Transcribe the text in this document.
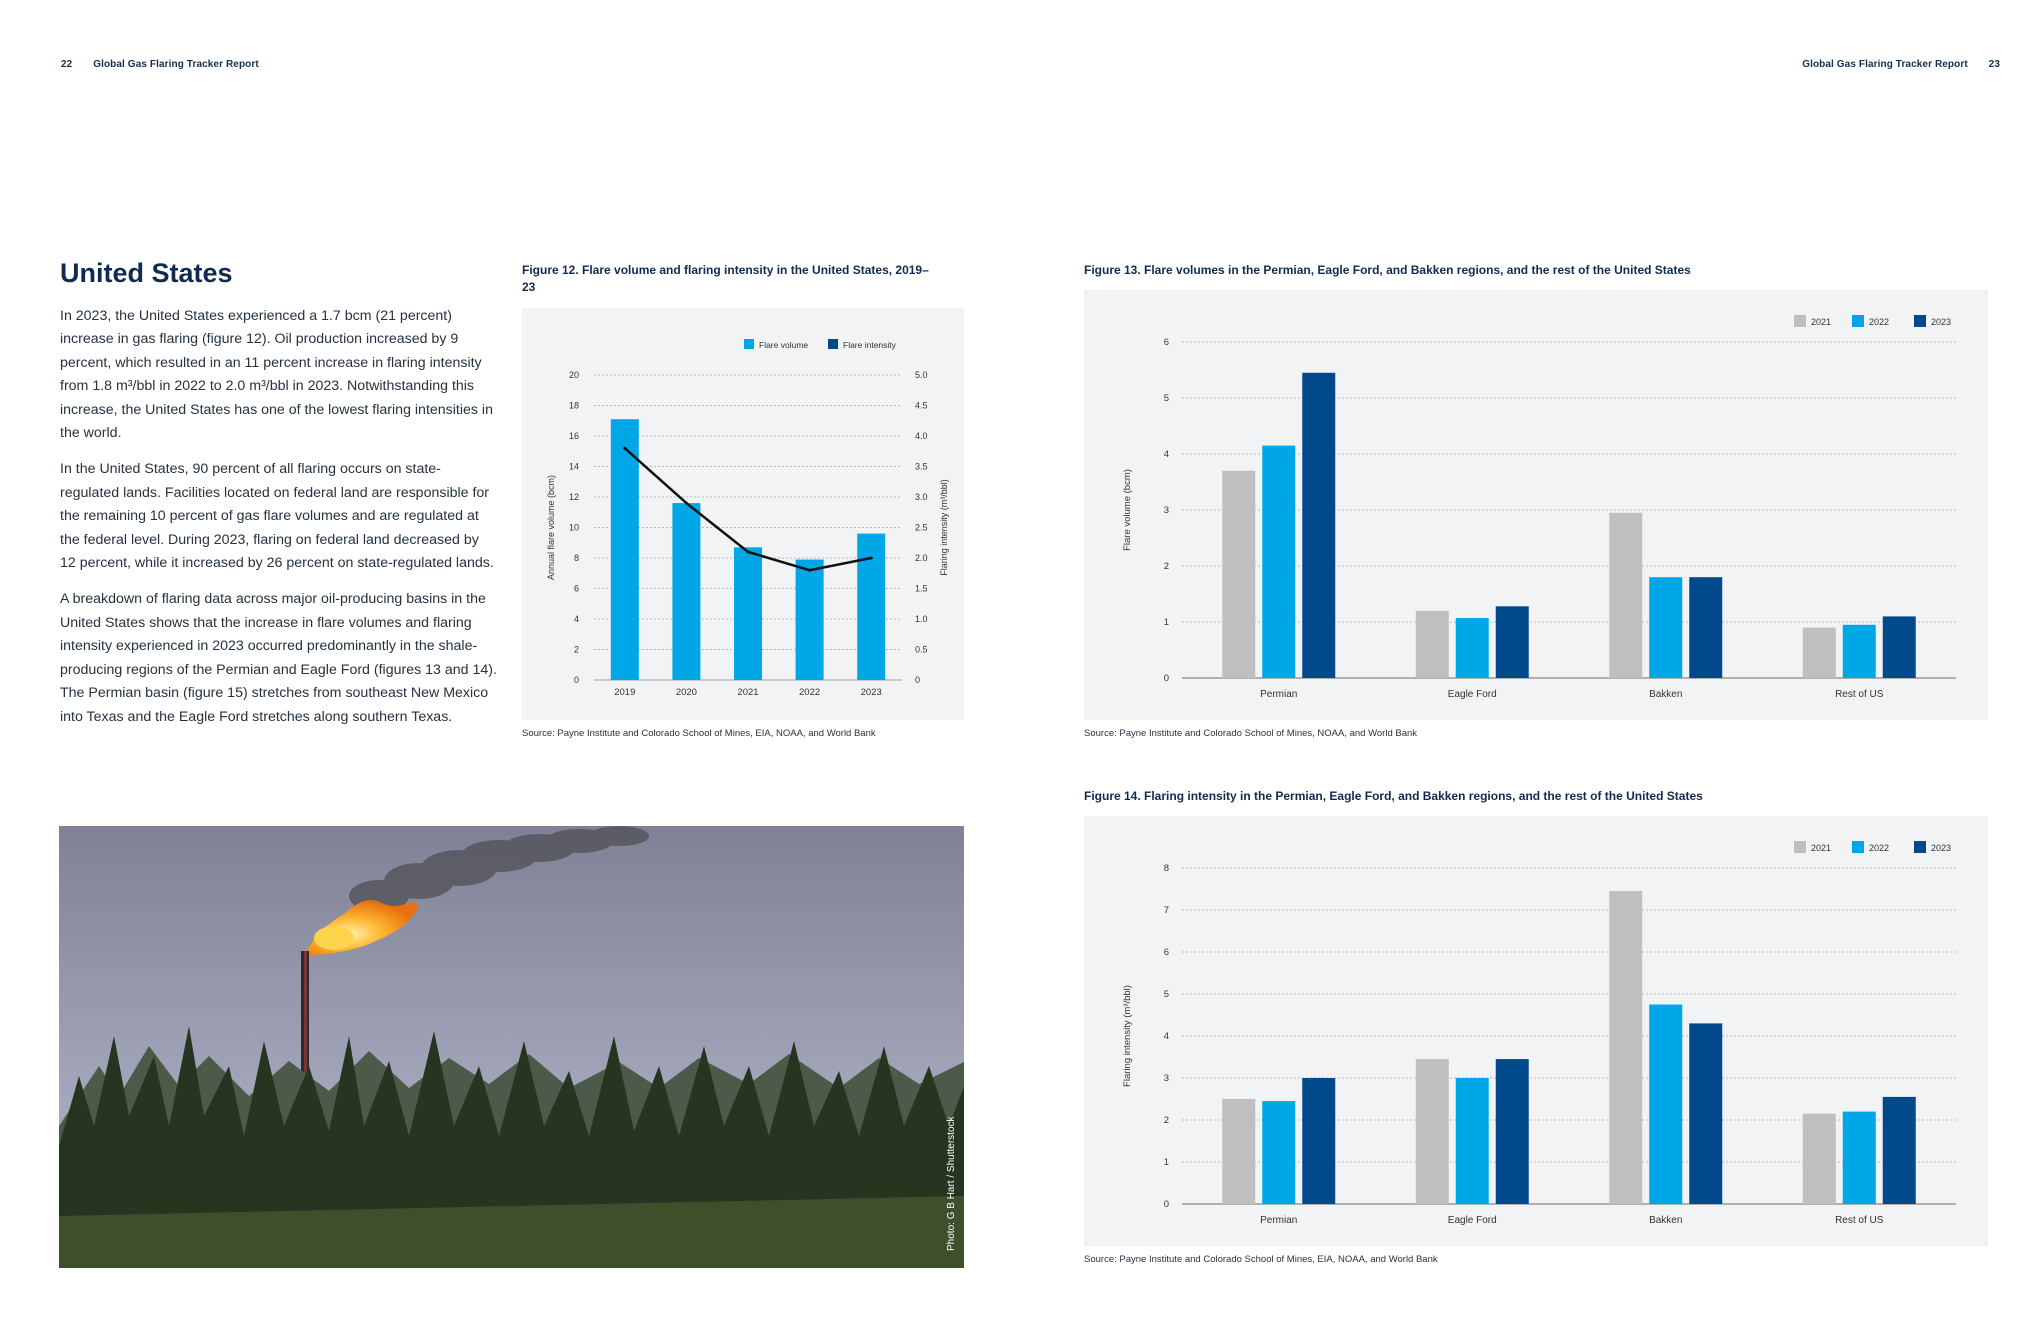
22 Global Gas Flaring Tracker Report	Global Gas Flaring Tracker Report 23
United States

In 2023, the United States experienced a 1.7 bcm (21 percent) increase in gas flaring (figure 12). Oil production increased by 9 percent, which resulted in an 11 percent increase in flaring intensity from 1.8 m³/bbl in 2022 to 2.0 m³/bbl in 2023. Notwithstanding this increase, the United States has one of the lowest flaring intensities in the world.

In the United States, 90 percent of all flaring occurs on state-regulated lands. Facilities located on federal land are responsible for the remaining 10 percent of gas flare volumes and are regulated at the federal level. During 2023, flaring on federal land decreased by 12 percent, while it increased by 26 percent on state-regulated lands.

A breakdown of flaring data across major oil-producing basins in the United States shows that the increase in flare volumes and flaring intensity experienced in 2023 occurred predominantly in the shale-producing regions of the Permian and Eagle Ford (figures 13 and 14). The Permian basin (figure 15) stretches from southeast New Mexico into Texas and the Eagle Ford stretches along southern Texas.

Figure 12. Flare volume and flaring intensity in the United States, 2019–23

0
2
4
6
8
10
12
14
16
18
20
0
0.5
1.0
1.5
2.0
2.5
3.0
3.5
4.0
4.5
5.0
2019	2020	2021	2022	2023
Annual flare volume (bcm)	Flaring intensity (m³/bbl)
Flare volume	Flare intensity
Source: Payne Institute and Colorado School of Mines, EIA, NOAA, and World Bank

Figure 13. Flare volumes in the Permian, Eagle Ford, and Bakken regions, and the rest of the United States

0
1
2
3
4
5
6
Permian	Eagle Ford	Bakken	Rest of US
Flare volume (bcm)
2021	2022	2023
Source: Payne Institute and Colorado School of Mines, NOAA, and World Bank

Figure 14. Flaring intensity in the Permian, Eagle Ford, and Bakken regions, and the rest of the United States

0
1
2
3
4
5
6
7
8
Permian	Eagle Ford	Bakken	Rest of US
Flaring intensity (m³/bbl)
2021	2022	2023
Source: Payne Institute and Colorado School of Mines, EIA, NOAA, and World Bank
Photo: G B Hart / Shutterstock
